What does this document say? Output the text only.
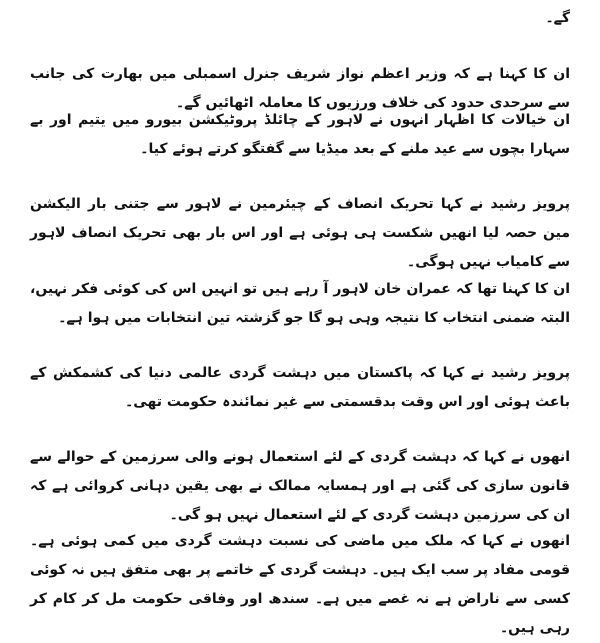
گے۔

ان کا کہنا ہے کہ وزیر اعظم نواز شریف جنرل اسمبلی میں بھارت کی جانب سے سرحدی حدود کی خلاف ورزیوں کا معاملہ اٹھائیں گے۔

ان خیالات کا اظہار انہوں نے لاہور کے چائلڈ پروٹیکشن بیورو میں یتیم اور بے سہارا بچوں سے عید ملنے کے بعد میڈیا سے گفتگو کرتے ہوئے کیا۔

پرویز رشید نے کہا تحریک انصاف کے چیئرمین نے لاہور سے جتنی بار الیکشن مین حصہ لیا انھیں شکست ہی ہوئی ہے اور اس بار بھی تحریک انصاف لاہور سے کامیاب نہیں ہوگی۔

ان کا کہنا تھا کہ عمران خان لاہور آ رہے ہیں تو انہیں اس کی کوئی فکر نہیں، البتہ ضمنی انتخاب کا نتیجہ وہی ہو گا جو گزشتہ تین انتخابات میں ہوا ہے۔

پرویز رشید نے کہا کہ پاکستان میں دہشت گردی عالمی دنیا کی کشمکش کے باعث ہوئی اور اس وقت بدقسمتی سے غیر نمائندہ حکومت تھی۔

انھوں نے کہا کہ دہشت گردی کے لئے استعمال ہونے والی سرزمین کے حوالے سے قانون سازی کی گئی ہے اور ہمسایہ ممالک نے بھی یقین دہانی کروائی ہے کہ ان کی سرزمین دہشت گردی کے لئے استعمال نہیں ہو گی۔

انھوں نے کہا کہ ملک میں ماضی کی نسبت دہشت گردی میں کمی ہوئی ہے۔ قومی مفاد پر سب ایک ہیں۔ دہشت گردی کے خاتمے پر بھی متفق ہیں نہ کوئی کسی سے ناراض ہے نہ غصے میں ہے۔ سندھ اور وفاقی حکومت مل کر کام کر رہی ہیں۔
